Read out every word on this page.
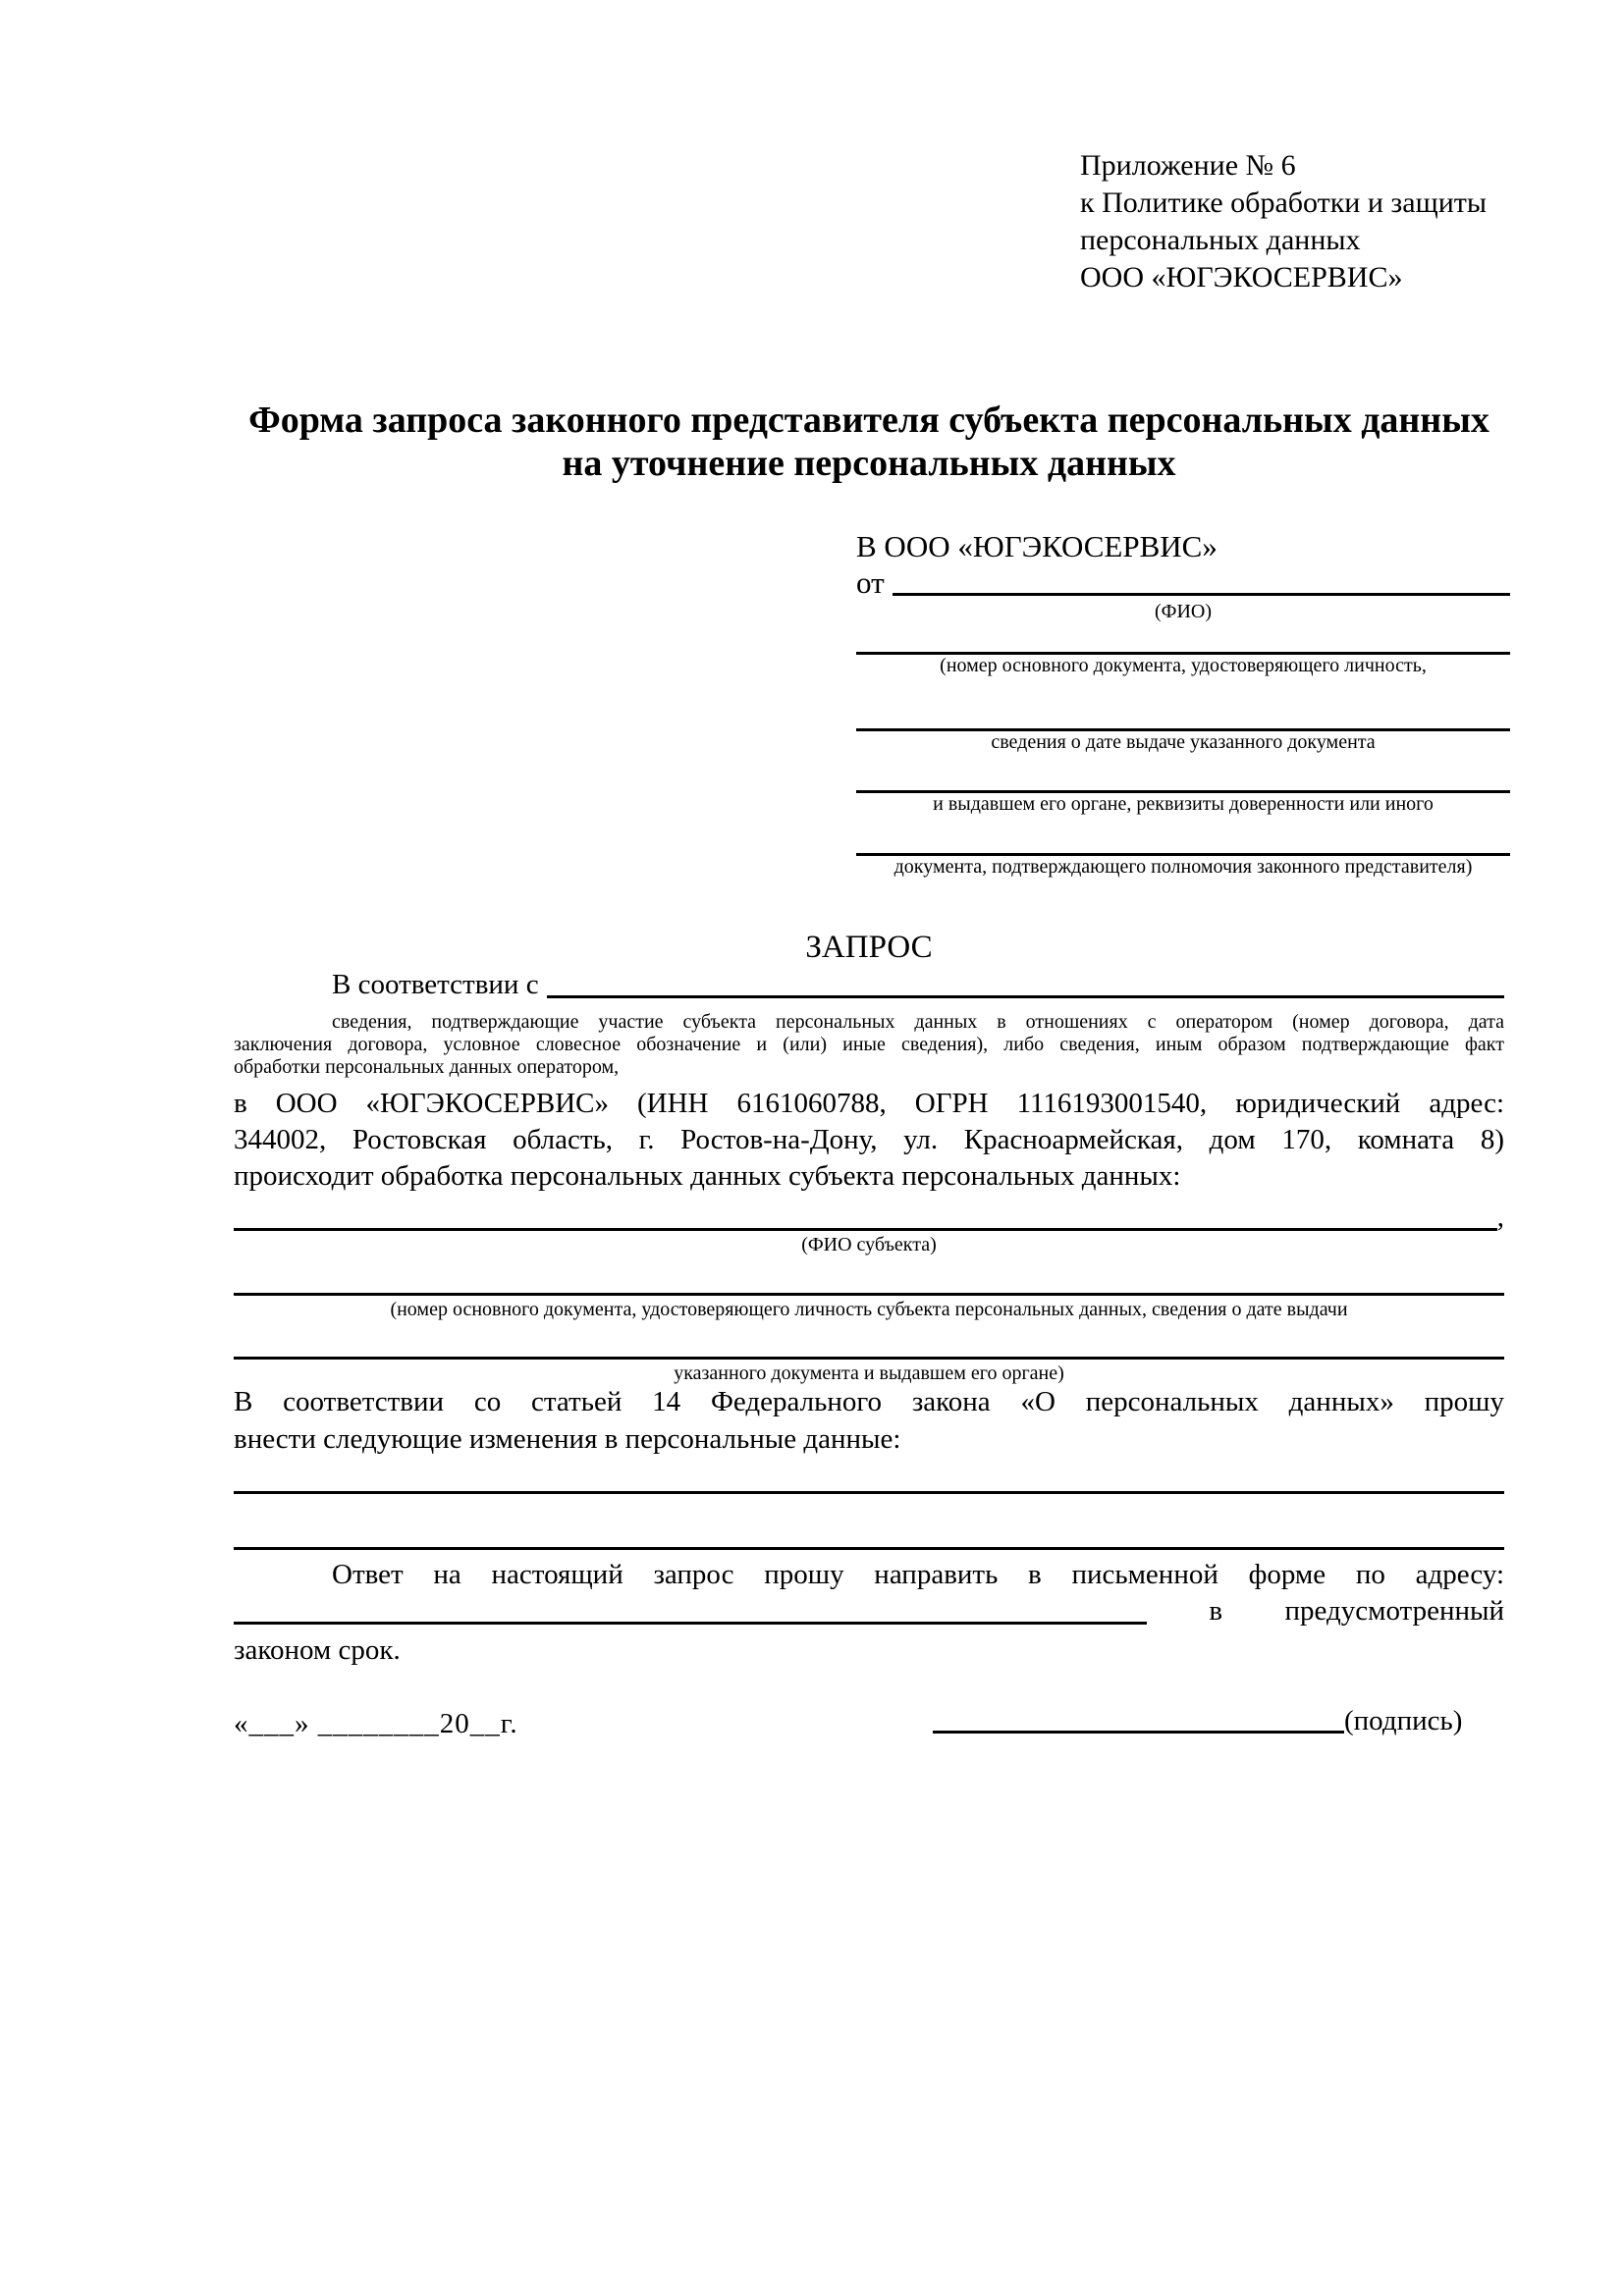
Приложение № 6
к Политике обработки и защиты
персональных данных
ООО «ЮГЭКОСЕРВИС»
Форма запроса законного представителя субъекта персональных данных
на уточнение персональных данных
В ООО «ЮГЭКОСЕРВИС»
от
(ФИО)
(номер основного документа, удостоверяющего личность,
сведения о дате выдаче указанного документа
и выдавшем его органе, реквизиты доверенности или иного
документа, подтверждающего полномочия законного представителя)
ЗАПРОС
В соответствии с
сведения, подтверждающие участие субъекта персональных данных в отношениях с оператором (номер договора, дата
заключения договора, условное словесное обозначение и (или) иные сведения), либо сведения, иным образом подтверждающие факт
обработки персональных данных оператором,
в ООО «ЮГЭКОСЕРВИС» (ИНН 6161060788, ОГРН 1116193001540, юридический адрес:
344002, Ростовская область, г. Ростов-на-Дону, ул. Красноармейская, дом 170, комната 8)
происходит обработка персональных данных субъекта персональных данных:
,
(ФИО субъекта)
(номер основного документа, удостоверяющего личность субъекта персональных данных, сведения о дате выдачи
указанного документа и выдавшем его органе)
В соответствии со статьей 14 Федерального закона «О персональных данных» прошу
внести следующие изменения в персональные данные:
Ответ на настоящий запрос прошу направить в письменной форме по адресу:
в предусмотренный
законом срок.
«___» ________20__г.	(подпись)
